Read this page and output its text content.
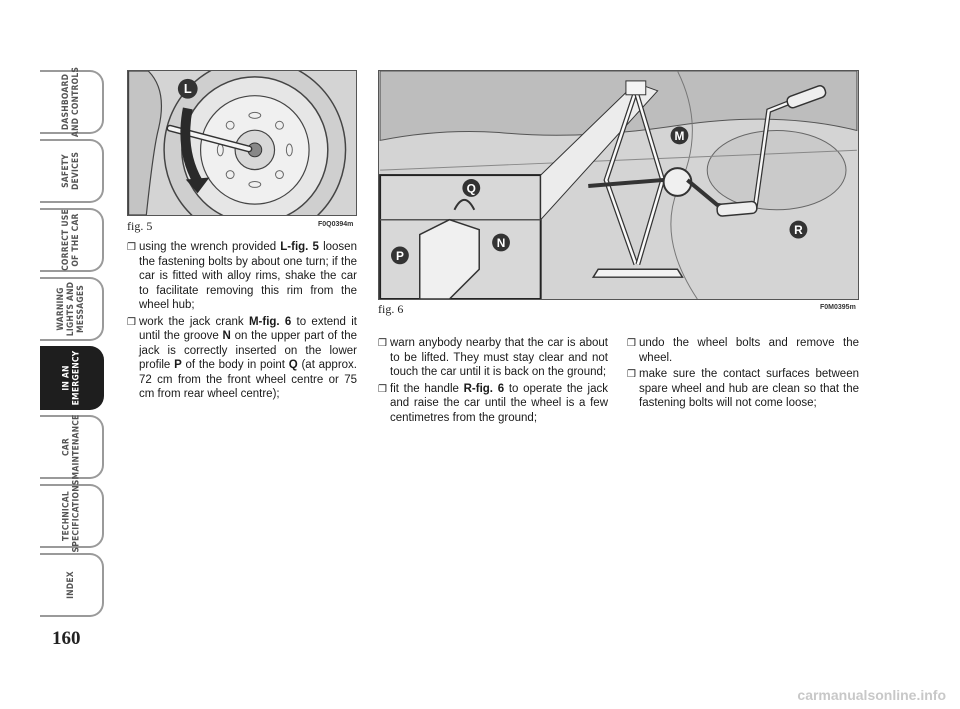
DASHBOARD
AND CONTROLS
SAFETY
DEVICES
CORRECT USE
OF THE CAR
WARNING
LIGHTS AND
MESSAGES
IN AN
EMERGENCY
CAR
MAINTENANCE
TECHNICAL
SPECIFICATIONS
INDEX
160
L
fig. 5	F0Q0394m
M
Q
N
P
R
fig. 6	F0M0395m
❒ using the wrench provided L-fig. 5 loosen the fastening bolts by about one turn; if the car is fitted with alloy rims, shake the car to facilitate removing this rim from the wheel hub;
❒ work the jack crank M-fig. 6 to extend it until the groove N on the upper part of the jack is correctly inserted on the lower profile P of the body in point Q (at approx. 72 cm from the front wheel centre or 75 cm from rear wheel centre);
❒ warn anybody nearby that the car is about to be lifted. They must stay clear and not touch the car until it is back on the ground;
❒ fit the handle R-fig. 6 to operate the jack and raise the car until the wheel is a few centimetres from the ground;
❒ undo the wheel bolts and remove the wheel.
❒ make sure the contact surfaces between spare wheel and hub are clean so that the fastening bolts will not come loose;
carmanualsonline.info
